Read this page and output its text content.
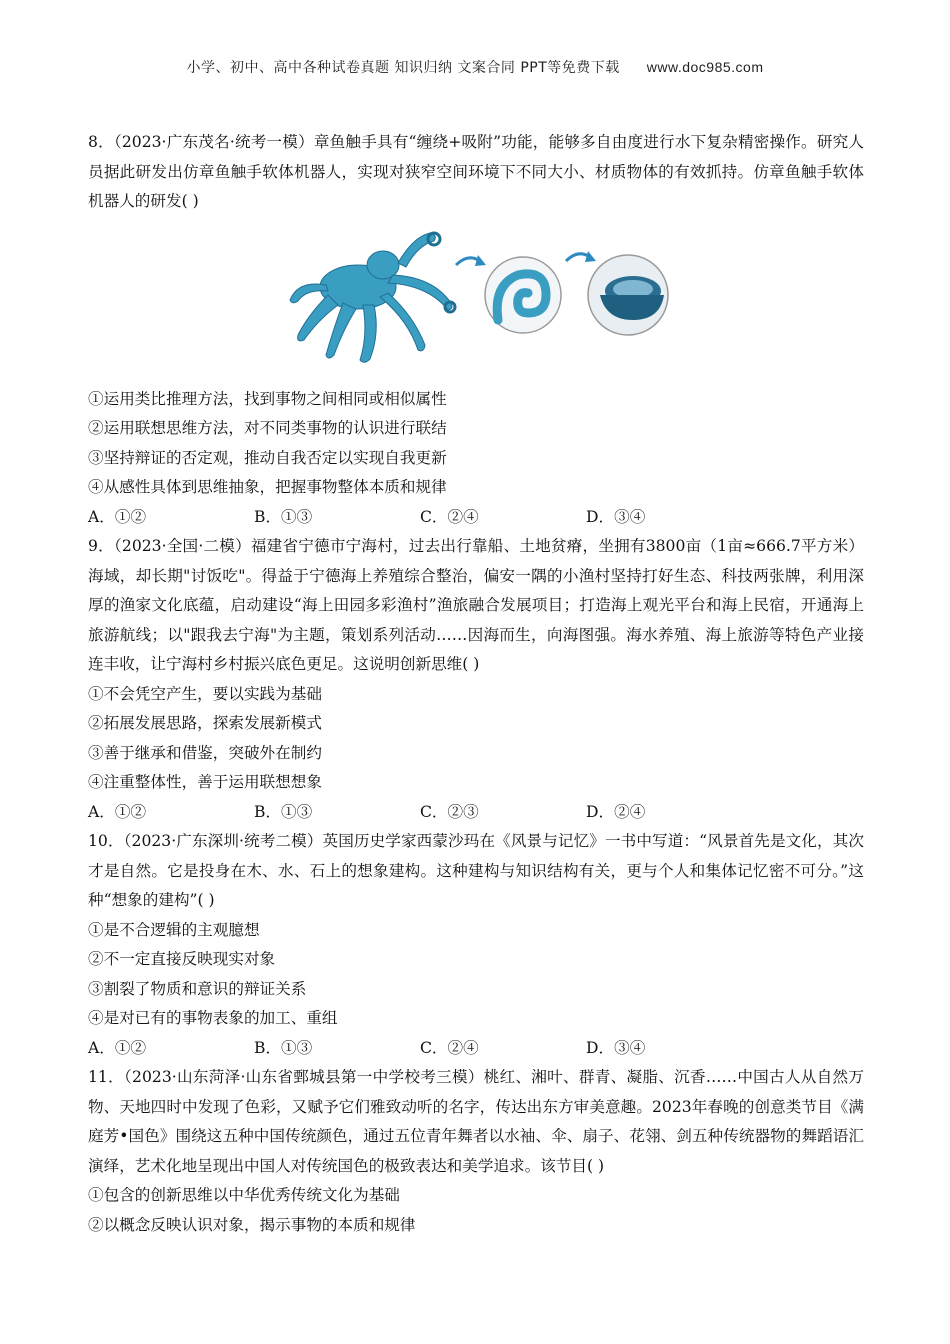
小学、初中、高中各种试卷真题 知识归纳 文案合同 PPT等免费下载 www.doc985.com

8．（2023·广东茂名·统考一模）章鱼触手具有“缠绕+吸附”功能，能够多自由度进行水下复杂精密操作。研究人员据此研发出仿章鱼触手软体机器人，实现对狭窄空间环境下不同大小、材质物体的有效抓持。仿章鱼触手软体机器人的研发( )

①运用类比推理方法，找到事物之间相同或相似属性

②运用联想思维方法，对不同类事物的认识进行联结

③坚持辩证的否定观，推动自我否定以实现自我更新

④从感性具体到思维抽象，把握事物整体本质和规律

A．①②	B．①③	C．②④	D．③④

9．（2023·全国·二模）福建省宁德市宁海村，过去出行靠船、土地贫瘠，坐拥有3800亩（1亩≈666.7平方米）海域，却长期"讨饭吃"。得益于宁德海上养殖综合整治，偏安一隅的小渔村坚持打好生态、科技两张牌，利用深厚的渔家文化底蕴，启动建设“海上田园多彩渔村”渔旅融合发展项目；打造海上观光平台和海上民宿，开通海上旅游航线；以"跟我去宁海"为主题，策划系列活动……因海而生，向海图强。海水养殖、海上旅游等特色产业接连丰收，让宁海村乡村振兴底色更足。这说明创新思维( )

①不会凭空产生，要以实践为基础

②拓展发展思路，探索发展新模式

③善于继承和借鉴，突破外在制约

④注重整体性，善于运用联想想象

A．①②	B．①③	C．②③	D．②④

10．（2023·广东深圳·统考二模）英国历史学家西蒙沙玛在《风景与记忆》一书中写道：“风景首先是文化，其次才是自然。它是投身在木、水、石上的想象建构。这种建构与知识结构有关，更与个人和集体记忆密不可分。”这种“想象的建构”( )

①是不合逻辑的主观臆想

②不一定直接反映现实对象

③割裂了物质和意识的辩证关系

④是对已有的事物表象的加工、重组

A．①②	B．①③	C．②④	D．③④

11．（2023·山东菏泽·山东省鄄城县第一中学校考三模）桃红、湘叶、群青、凝脂、沉香……中国古人从自然万物、天地四时中发现了色彩，又赋予它们雅致动听的名字，传达出东方审美意趣。2023年春晚的创意类节目《满庭芳•国色》围绕这五种中国传统颜色，通过五位青年舞者以水袖、伞、扇子、花翎、剑五种传统器物的舞蹈语汇演绎，艺术化地呈现出中国人对传统国色的极致表达和美学追求。该节目( )

①包含的创新思维以中华优秀传统文化为基础

②以概念反映认识对象，揭示事物的本质和规律
